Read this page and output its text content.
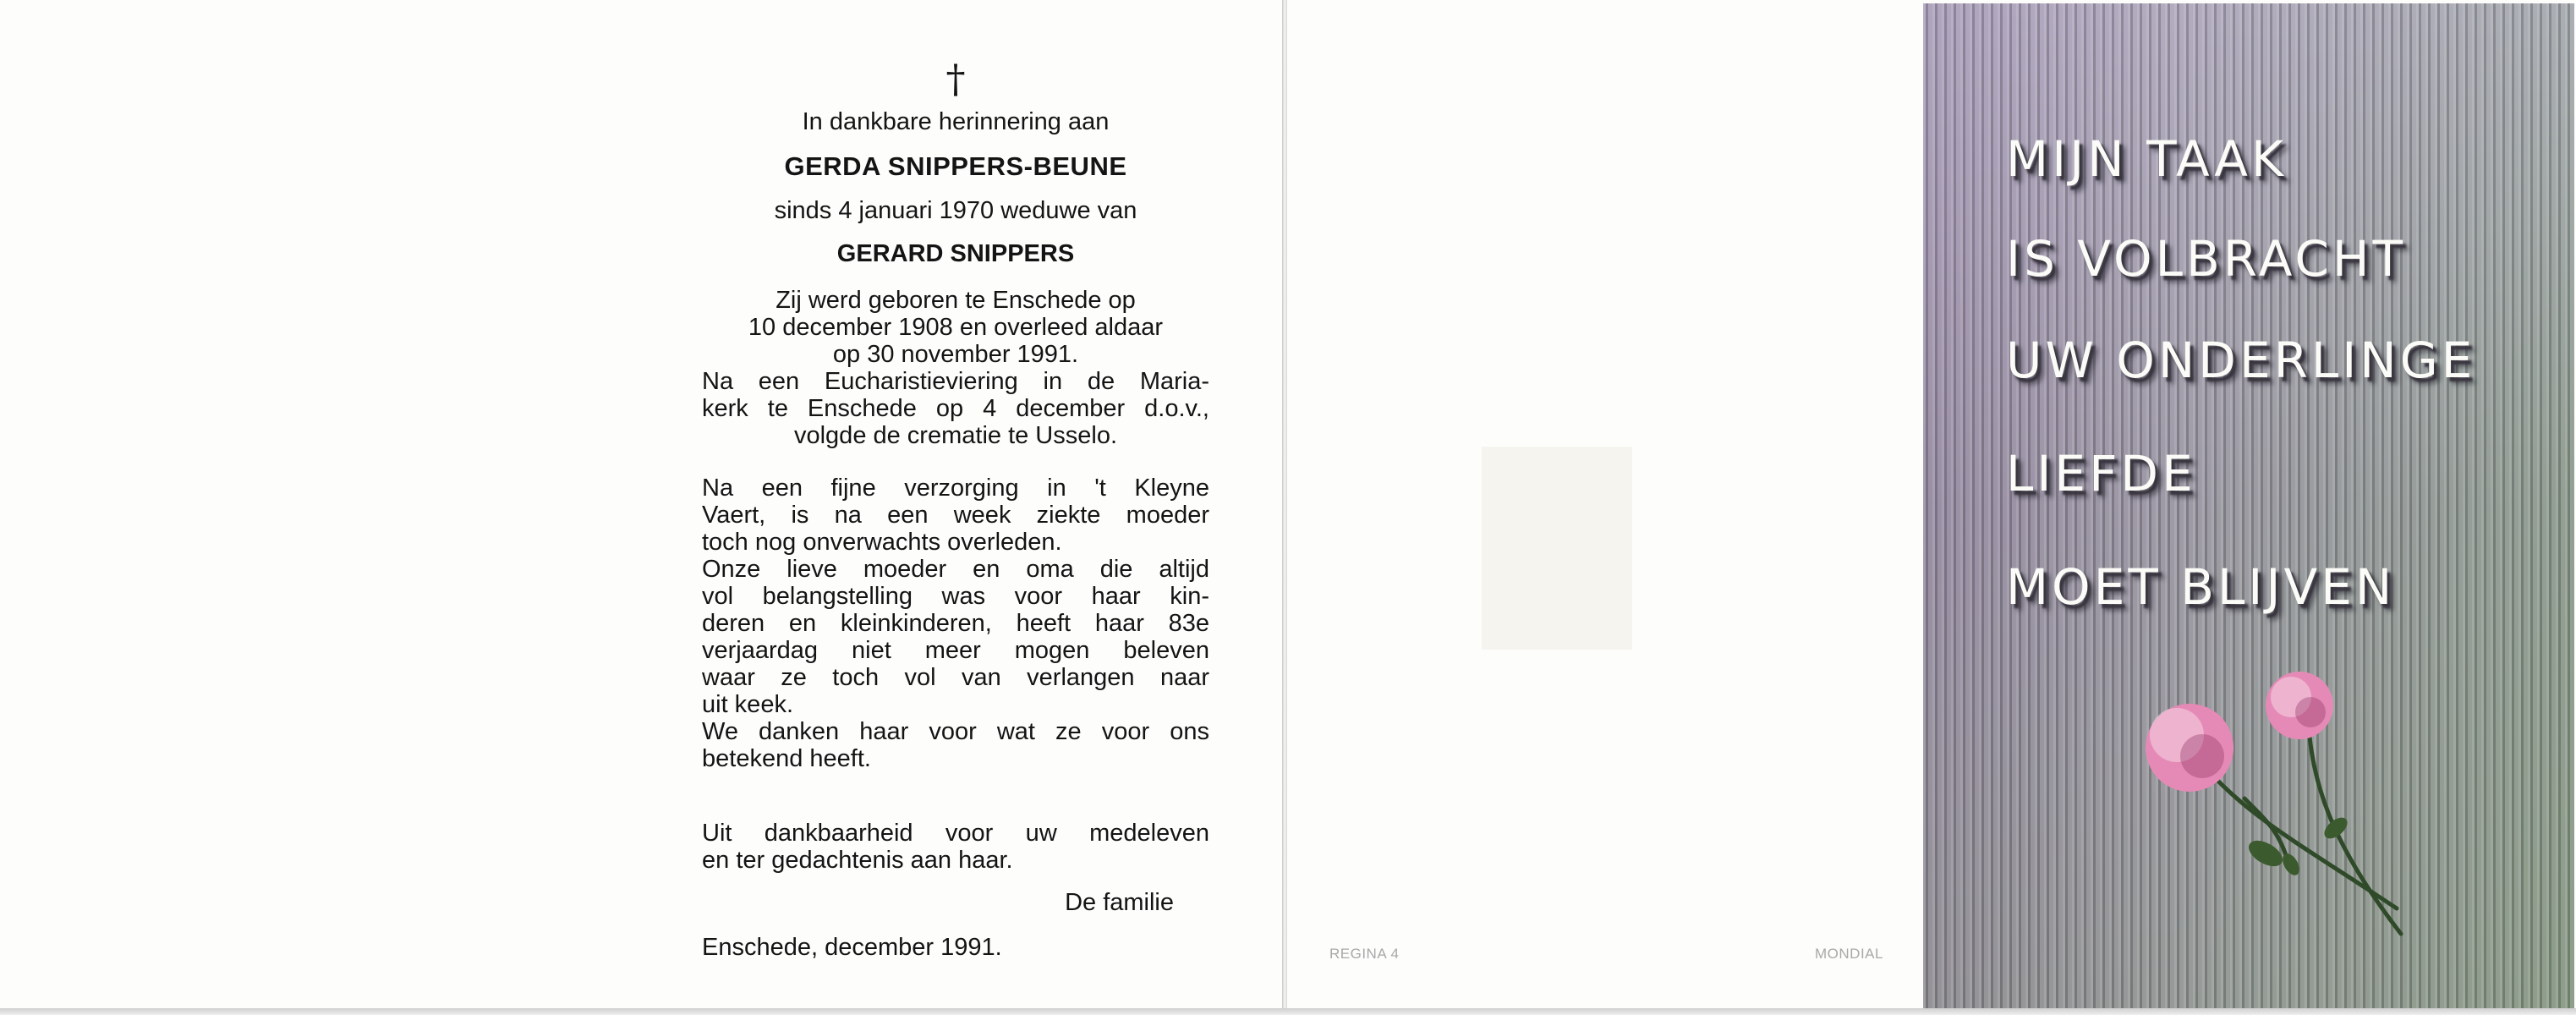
†
In dankbare herinnering aan
GERDA SNIPPERS-BEUNE
sinds 4 januari 1970 weduwe van
GERARD SNIPPERS

Zij werd geboren te Enschede op

10 december 1908 en overleed aldaar

op 30 november 1991.

Na een Eucharistieviering in de Maria-

kerk te Enschede op 4 december d.o.v.,

volgde de crematie te Usselo.

Na een fijne verzorging in 't Kleyne

Vaert, is na een week ziekte moeder

toch nog onverwachts overleden.

Onze lieve moeder en oma die altijd

vol belangstelling was voor haar kin-

deren en kleinkinderen, heeft haar 83e

verjaardag niet meer mogen beleven

waar ze toch vol van verlangen naar

uit keek.

We danken haar voor wat ze voor ons

betekend heeft.

Uit dankbaarheid voor uw medeleven

en ter gedachtenis aan haar.

De familie
Enschede, december 1991.	REGINA 4	MONDIAL
MIJN TAAK
IS VOLBRACHT
UW ONDERLINGE
LIEFDE
MOET BLIJVEN
